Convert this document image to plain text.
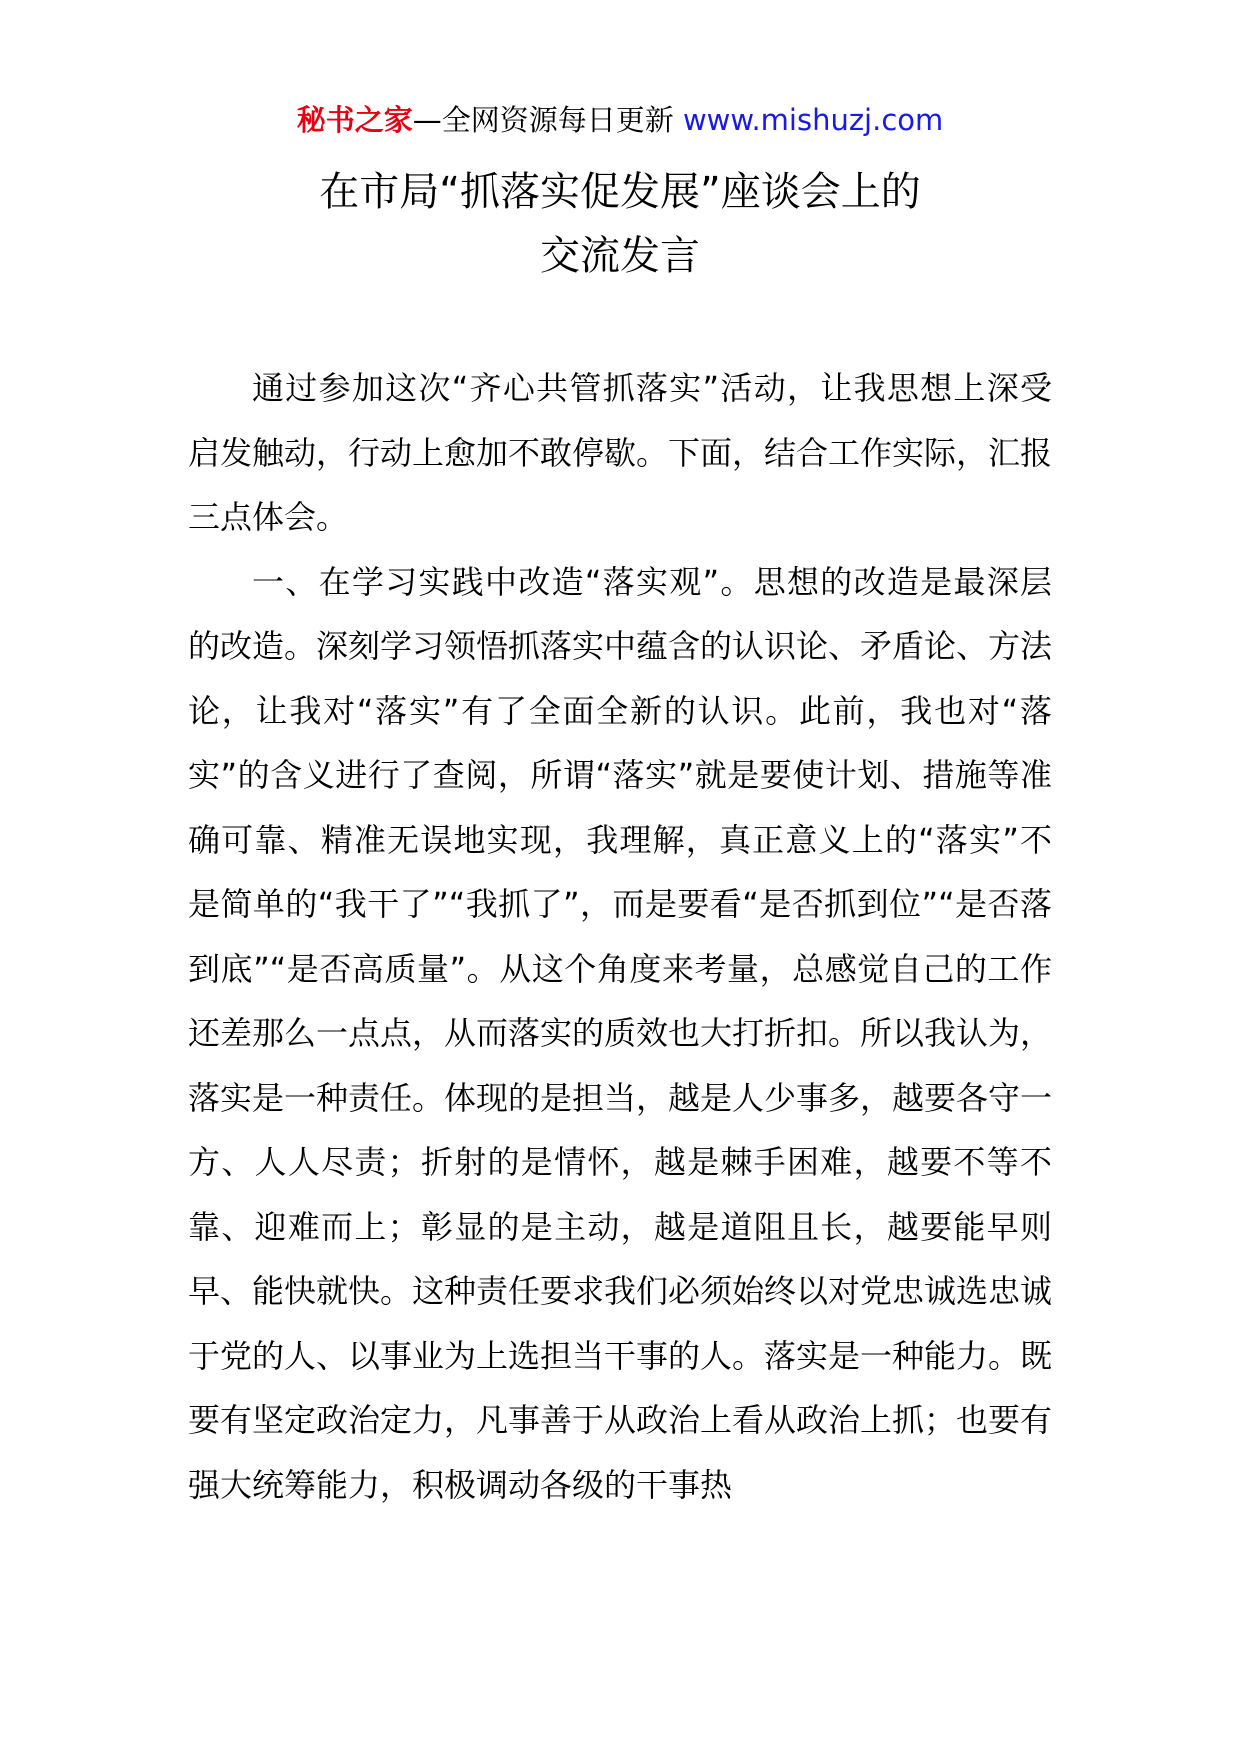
秘书之家—全网资源每日更新 www.mishuzj.com
在市局“抓落实促发展”座谈会上的
交流发言

通过参加这次“齐心共管抓落实”活动，让我思想上深受启发触动，行动上愈加不敢停歇。下面，结合工作实际，汇报三点体会。

一、在学习实践中改造“落实观”。思想的改造是最深层的改造。深刻学习领悟抓落实中蕴含的认识论、矛盾论、方法论，让我对“落实”有了全面全新的认识。此前，我也对“落实”的含义进行了查阅，所谓“落实”就是要使计划、措施等准确可靠、精准无误地实现，我理解，真正意义上的“落实”不是简单的“我干了”“我抓了”，而是要看“是否抓到位”“是否落到底”“是否高质量”。从这个角度来考量，总感觉自己的工作还差那么一点点，从而落实的质效也大打折扣。所以我认为，落实是一种责任。体现的是担当，越是人少事多，越要各守一方、人人尽责；折射的是情怀，越是棘手困难，越要不等不靠、迎难而上；彰显的是主动，越是道阻且长，越要能早则早、能快就快。这种责任要求我们必须始终以对党忠诚选忠诚于党的人、以事业为上选担当干事的人。落实是一种能力。既要有坚定政治定力，凡事善于从政治上看从政治上抓；也要有强大统筹能力，积极调动各级的干事热
